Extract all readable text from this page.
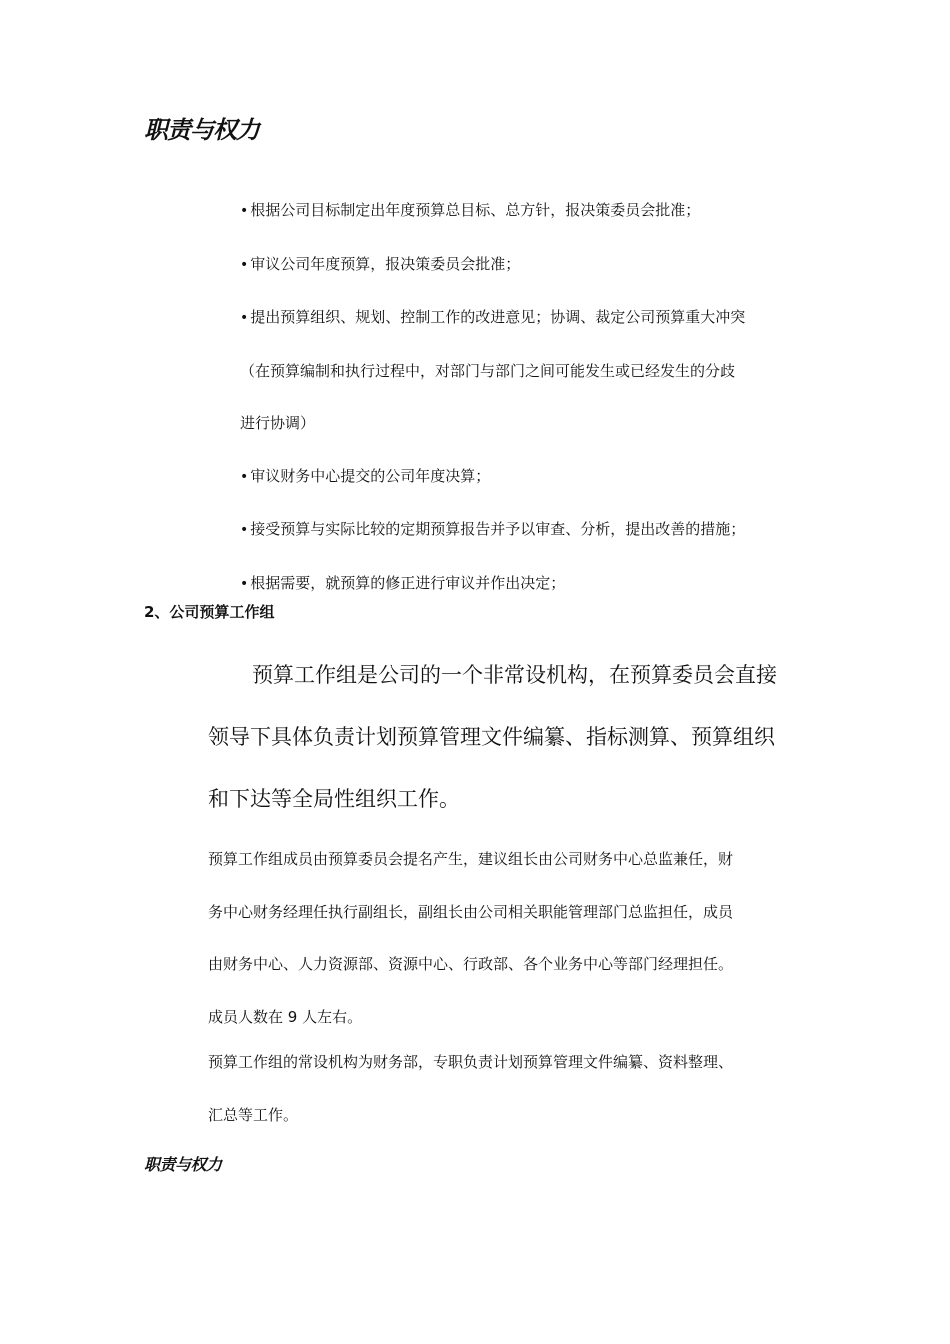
职责与权力
• 根据公司目标制定出年度预算总目标、总方针，报决策委员会批准；
• 审议公司年度预算，报决策委员会批准；
• 提出预算组织、规划、控制工作的改进意见；协调、裁定公司预算重大冲突
（在预算编制和执行过程中，对部门与部门之间可能发生或已经发生的分歧
进行协调）
• 审议财务中心提交的公司年度决算；
• 接受预算与实际比较的定期预算报告并予以审查、分析，提出改善的措施；
• 根据需要，就预算的修正进行审议并作出决定；
2、公司预算工作组
预算工作组是公司的一个非常设机构，在预算委员会直接
领导下具体负责计划预算管理文件编纂、指标测算、预算组织
和下达等全局性组织工作。
预算工作组成员由预算委员会提名产生，建议组长由公司财务中心总监兼任，财
务中心财务经理任执行副组长，副组长由公司相关职能管理部门总监担任，成员
由财务中心、人力资源部、资源中心、行政部、各个业务中心等部门经理担任。
成员人数在 9 人左右。
预算工作组的常设机构为财务部，专职负责计划预算管理文件编纂、资料整理、
汇总等工作。
职责与权力
